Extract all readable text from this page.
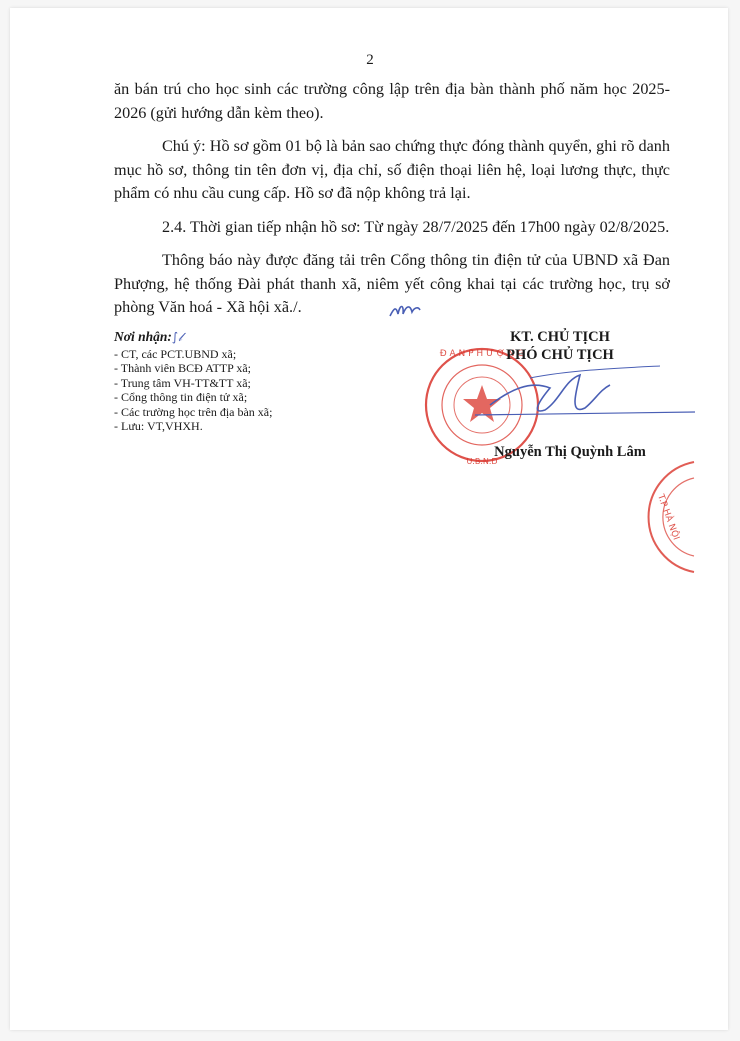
2

ăn bán trú cho học sinh các trường công lập trên địa bàn thành phố năm học 2025-2026 (gửi hướng dẫn kèm theo).

Chú ý: Hồ sơ gồm 01 bộ là bản sao chứng thực đóng thành quyển, ghi rõ danh mục hồ sơ, thông tin tên đơn vị, địa chỉ, số điện thoại liên hệ, loại lương thực, thực phẩm có nhu cầu cung cấp. Hồ sơ đã nộp không trả lại.

2.4. Thời gian tiếp nhận hồ sơ: Từ ngày 28/7/2025 đến 17h00 ngày 02/8/2025.

Thông báo này được đăng tải trên Cổng thông tin điện tử của UBND xã Đan Phượng, hệ thống Đài phát thanh xã, niêm yết công khai tại các trường học, trụ sở phòng Văn hoá - Xã hội xã./.

Nơi nhận:∫𝓁
- CT, các PCT.UBND xã;
- Thành viên BCĐ ATTP xã;
- Trung tâm VH-TT&TT xã;
- Cổng thông tin điện tử xã;
- Các trường học trên địa bàn xã;
- Lưu: VT,VHXH.
Đ A N P H Ư Ợ N G
U.B.N.D
T.P HÀ NỘI
KT. CHỦ TỊCH
PHÓ CHỦ TỊCH
Nguyễn Thị Quỳnh Lâm
